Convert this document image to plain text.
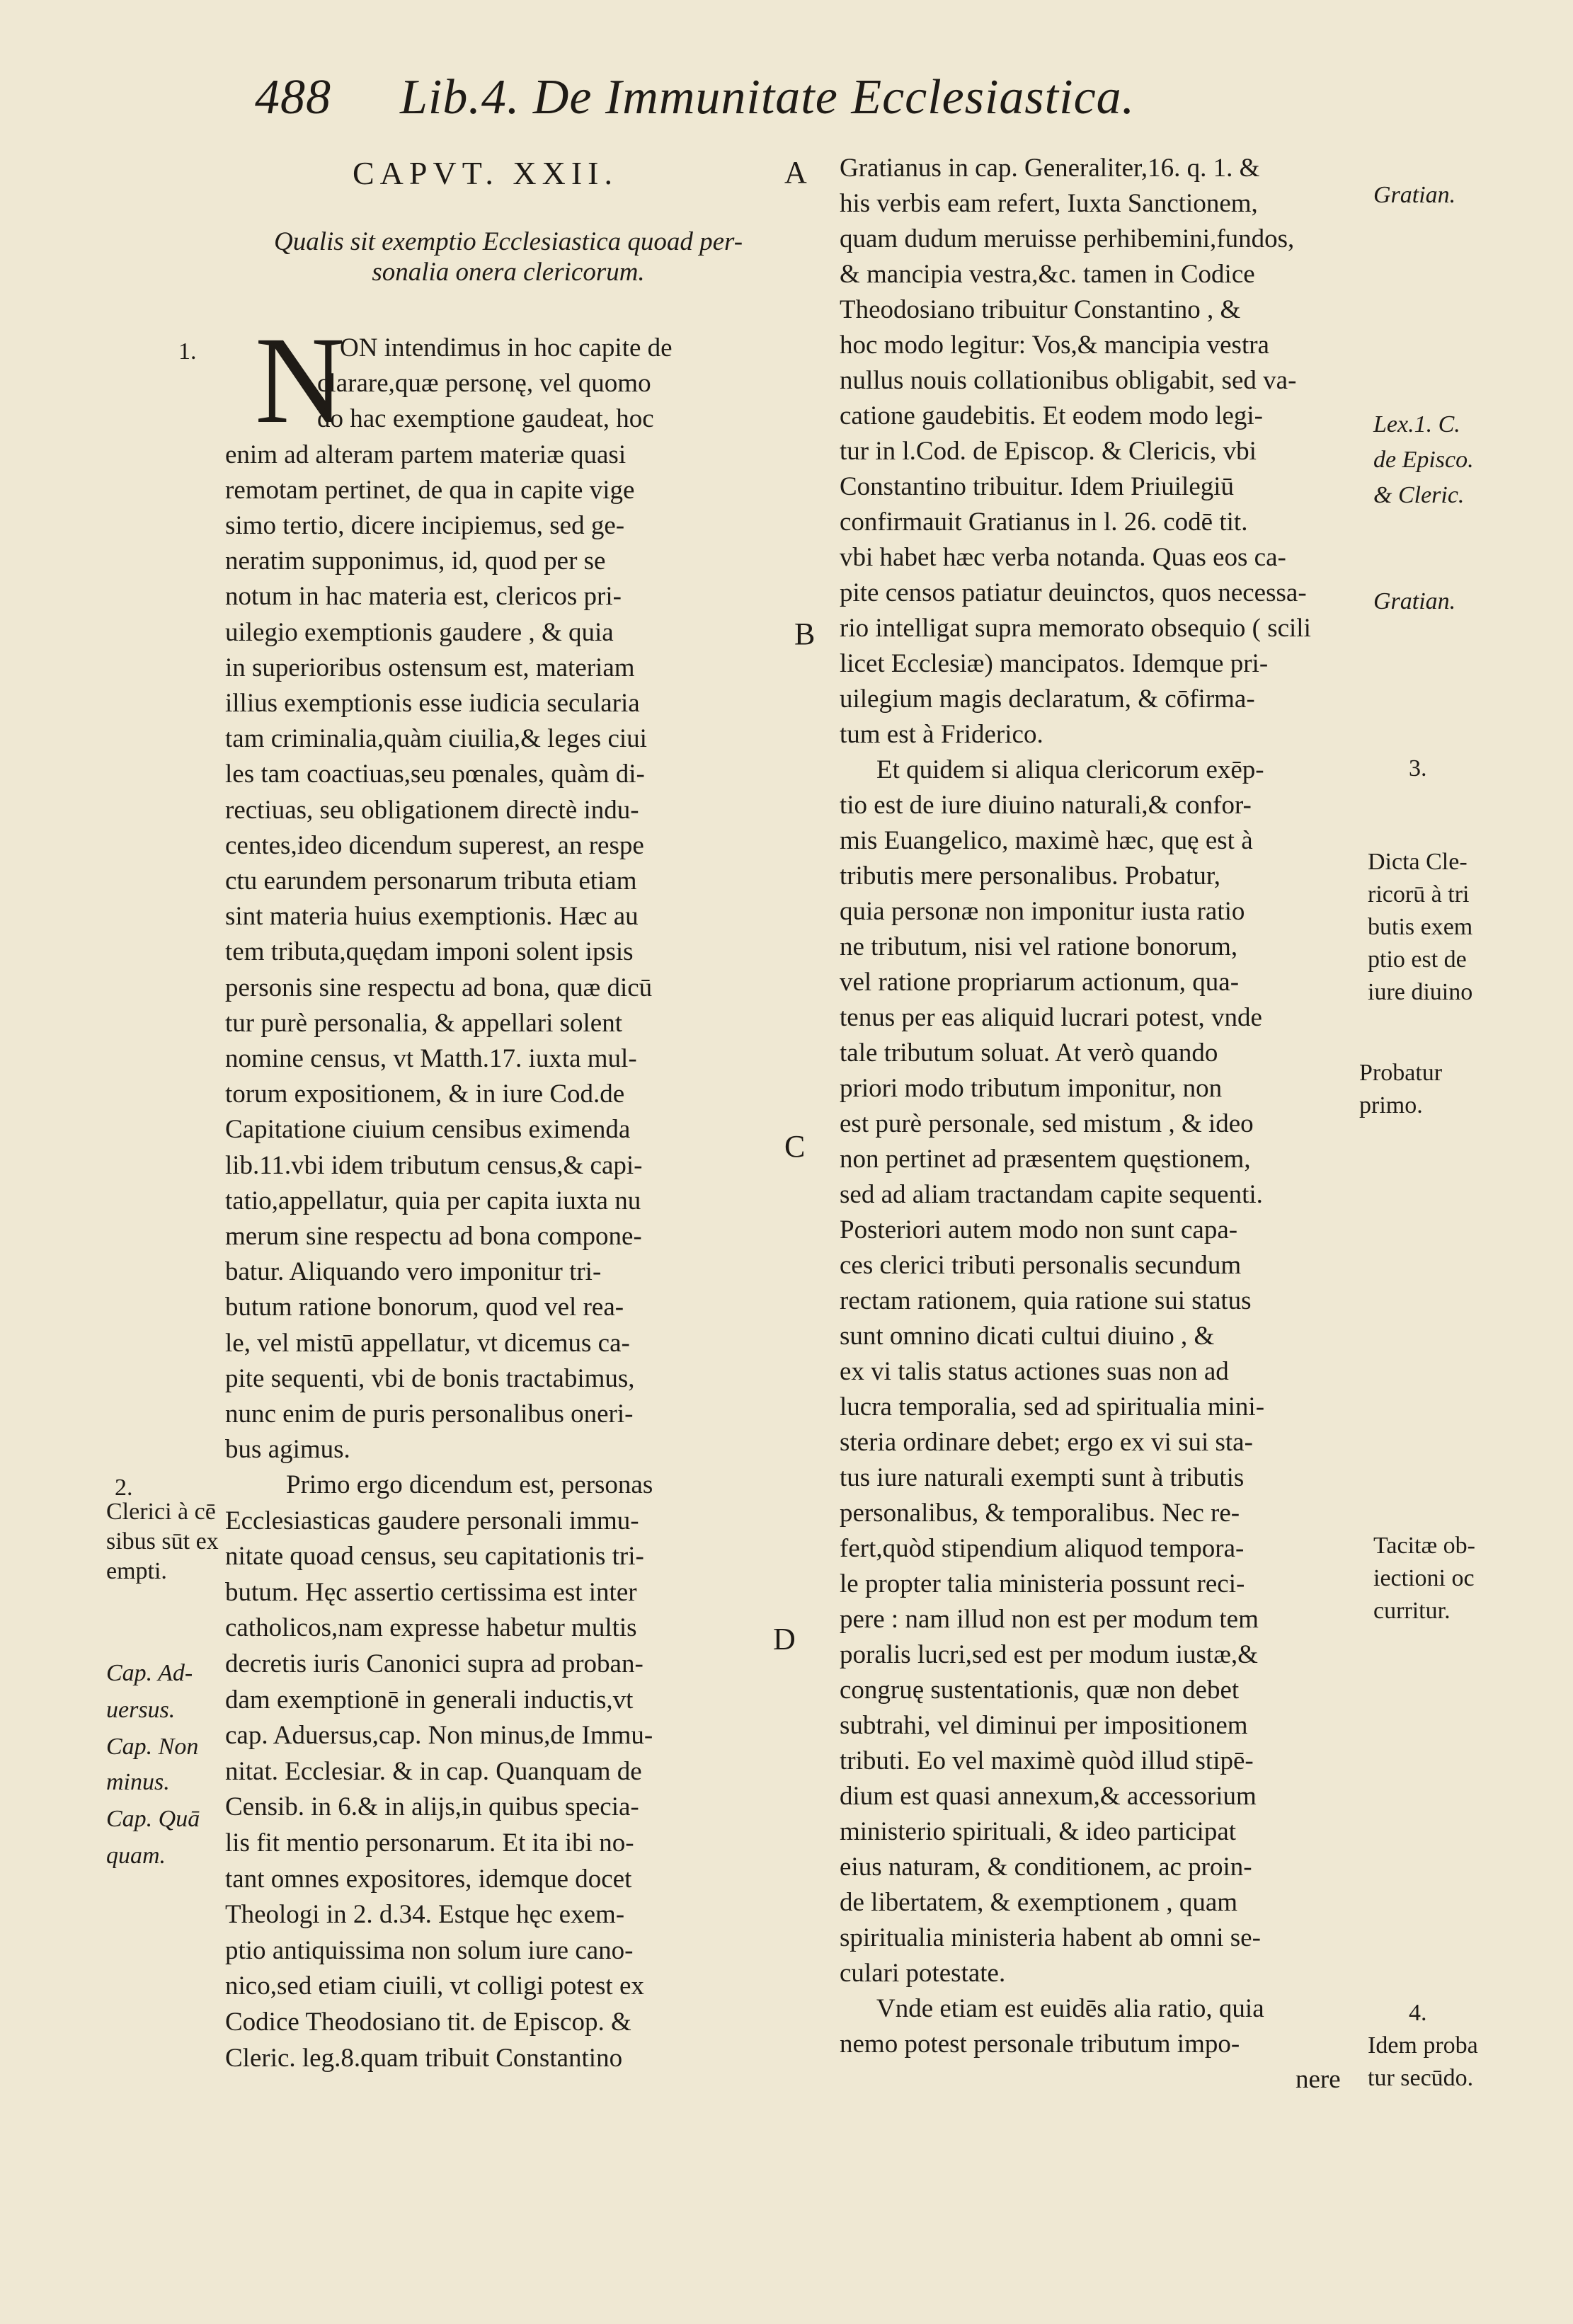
488 Lib.4. De Immunitate Ecclesiastica.
CAPVT. XXII.
Qualis sit exemptio Ecclesiastica quoad per-
sonalia onera clericorum.
1. N
ON intendimus in hoc capite de
clarare,quæ personę, vel quomo
do hac exemptione gaudeat, hoc
enim ad alteram partem materiæ quasi
remotam pertinet, de qua in capite vige
simo tertio, dicere incipiemus, sed ge-
neratim supponimus, id, quod per se
notum in hac materia est, clericos pri-
uilegio exemptionis gaudere , & quia
in superioribus ostensum est, materiam
illius exemptionis esse iudicia secularia
tam criminalia,quàm ciuilia,& leges ciui
les tam coactiuas,seu pœnales, quàm di-
rectiuas, seu obligationem directè indu-
centes,ideo dicendum superest, an respe
ctu earundem personarum tributa etiam
sint materia huius exemptionis. Hæc au
tem tributa,quędam imponi solent ipsis
personis sine respectu ad bona, quæ dicū
tur purè personalia, & appellari solent
nomine census, vt Matth.17. iuxta mul-
torum expositionem, & in iure Cod.de
Capitatione ciuium censibus eximenda
lib.11.vbi idem tributum census,& capi-
tatio,appellatur, quia per capita iuxta nu
merum sine respectu ad bona compone-
batur. Aliquando vero imponitur tri-
butum ratione bonorum, quod vel rea-
le, vel mistū appellatur, vt dicemus ca-
pite sequenti, vbi de bonis tractabimus,
nunc enim de puris personalibus oneri-
bus agimus.
Primo ergo dicendum est, personas
Ecclesiasticas gaudere personali immu-
nitate quoad census, seu capitationis tri-
butum. Hęc assertio certissima est inter
catholicos,nam expresse habetur multis
decretis iuris Canonici supra ad proban-
dam exemptionē in generali inductis,vt
cap. Aduersus,cap. Non minus,de Immu-
nitat. Ecclesiar. & in cap. Quanquam de
Censib. in 6.& in alijs,in quibus specia-
lis fit mentio personarum. Et ita ibi no-
tant omnes expositores, idemque docet
Theologi in 2. d.34. Estque hęc exem-
ptio antiquissima non solum iure cano-
nico,sed etiam ciuili, vt colligi potest ex
Codice Theodosiano tit. de Episcop. &
Cleric. leg.8.quam tribuit Constantino
2.
Clerici à cē
sibus sūt ex
empti.
Cap. Ad-
uersus.
Cap. Non
minus.
Cap. Quā
quam.
A
B
C
D
Gratianus in cap. Generaliter,16. q. 1. &
his verbis eam refert, Iuxta Sanctionem,
quam dudum meruisse perhibemini,fundos,
& mancipia vestra,&c. tamen in Codice
Theodosiano tribuitur Constantino , &
hoc modo legitur: Vos,& mancipia vestra
nullus nouis collationibus obligabit, sed va-
catione gaudebitis. Et eodem modo legi-
tur in l.Cod. de Episcop. & Clericis, vbi
Constantino tribuitur. Idem Priuilegiū
confirmauit Gratianus in l. 26. codē tit.
vbi habet hæc verba notanda. Quas eos ca-
pite censos patiatur deuinctos, quos necessa-
rio intelligat supra memorato obsequio ( scili
licet Ecclesiæ) mancipatos. Idemque pri-
uilegium magis declaratum, & cōfirma-
tum est à Friderico.
Et quidem si aliqua clericorum exēp-
tio est de iure diuino naturali,& confor-
mis Euangelico, maximè hæc, quę est à
tributis mere personalibus. Probatur,
quia personæ non imponitur iusta ratio
ne tributum, nisi vel ratione bonorum,
vel ratione propriarum actionum, qua-
tenus per eas aliquid lucrari potest, vnde
tale tributum soluat. At verò quando
priori modo tributum imponitur, non
est purè personale, sed mistum , & ideo
non pertinet ad præsentem quęstionem,
sed ad aliam tractandam capite sequenti.
Posteriori autem modo non sunt capa-
ces clerici tributi personalis secundum
rectam rationem, quia ratione sui status
sunt omnino dicati cultui diuino , &
ex vi talis status actiones suas non ad
lucra temporalia, sed ad spiritualia mini-
steria ordinare debet; ergo ex vi sui sta-
tus iure naturali exempti sunt à tributis
personalibus, & temporalibus. Nec re-
fert,quòd stipendium aliquod tempora-
le propter talia ministeria possunt reci-
pere : nam illud non est per modum tem
poralis lucri,sed est per modum iustæ,&
congruę sustentationis, quæ non debet
subtrahi, vel diminui per impositionem
tributi. Eo vel maximè quòd illud stipē-
dium est quasi annexum,& accessorium
ministerio spirituali, & ideo participat
eius naturam, & conditionem, ac proin-
de libertatem, & exemptionem , quam
spiritualia ministeria habent ab omni se-
culari potestate.
Vnde etiam est euidēs alia ratio, quia
nemo potest personale tributum impo-
nere
Gratian.
Lex.1. C.
de Episco.
& Cleric.
Gratian.
3.
Dicta Cle-
ricorū à tri
butis exem
ptio est de
iure diuino
Probatur
primo.
Tacitæ ob-
iectioni oc
curritur.
4.
Idem proba
tur secūdo.
